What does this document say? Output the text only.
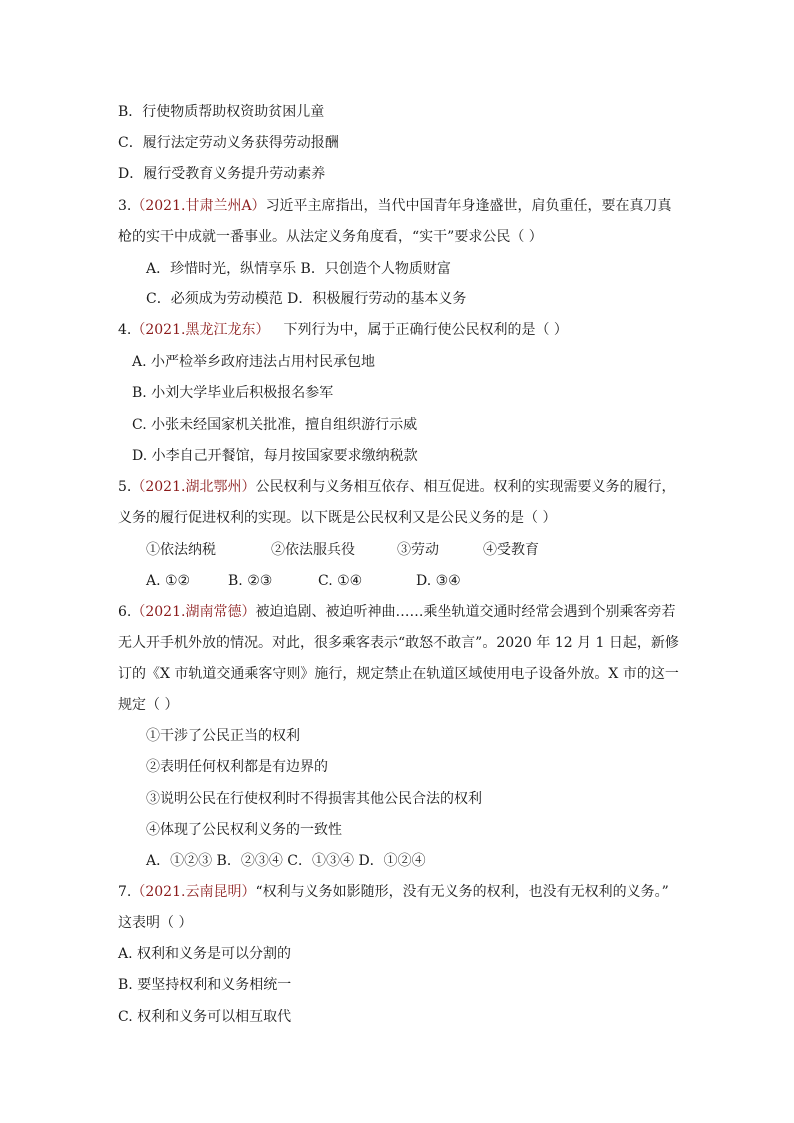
B．行使物质帮助权资助贫困儿童
C．履行法定劳动义务获得劳动报酬
D．履行受教育义务提升劳动素养
3.（2021.甘肃兰州A）习近平主席指出，当代中国青年身逢盛世，肩负重任，要在真刀真
枪的实干中成就一番事业。从法定义务角度看，“实干”要求公民（ ）
A．珍惜时光，纵情享乐 B．只创造个人物质财富
C．必须成为劳动模范 D．积极履行劳动的基本义务
4.（2021.黑龙江龙东） 下列行为中，属于正确行使公民权利的是（ ）
A. 小严检举乡政府违法占用村民承包地
B. 小刘大学毕业后积极报名参军
C. 小张未经国家机关批准，擅自组织游行示威
D. 小李自己开餐馆，每月按国家要求缴纳税款
5.（2021.湖北鄂州）公民权利与义务相互依存、相互促进。权利的实现需要义务的履行，
义务的履行促进权利的实现。以下既是公民权利又是公民义务的是（ ）
①依法纳税	②依法服兵役	③劳动	④受教育
A. ①②	B. ②③	C. ①④	D. ③④
6.（2021.湖南常德）被迫追剧、被迫听神曲……乘坐轨道交通时经常会遇到个别乘客旁若
无人开手机外放的情况。对此，很多乘客表示“敢怒不敢言”。2020 年 12 月 1 日起，新修
订的《X 市轨道交通乘客守则》施行，规定禁止在轨道区域使用电子设备外放。X 市的这一
规定（ ）
①干涉了公民正当的权利
②表明任何权利都是有边界的
③说明公民在行使权利时不得损害其他公民合法的权利
④体现了公民权利义务的一致性
A．①②③ B．②③④ C．①③④ D．①②④
7.（2021.云南昆明）“权利与义务如影随形，没有无义务的权利，也没有无权利的义务。”
这表明（ ）
A. 权利和义务是可以分割的
B. 要坚持权利和义务相统一
C. 权利和义务可以相互取代
